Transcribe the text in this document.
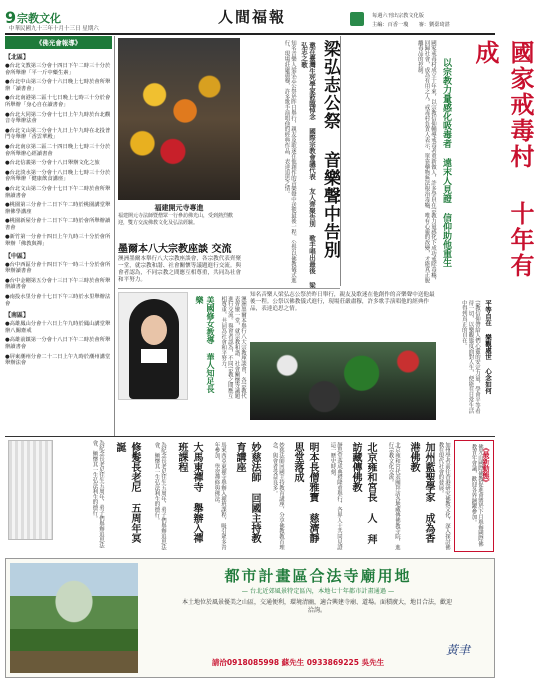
9 宗教文化
中華民國九十三年十月十三日 星期六
人間福報	每週六刊出宗教文化版
主編：百香一瓊　　審：劉臺琦湛
《佛光會報導》
【北區】
●台北文教第三分會十四日下午二時三十分於會所舉辦「平一斤中藥生素」
●台北中山第三分會十六日晚上七時於會所舉辦「讀書會」
●台北南港第二區十七日晚上七時三十分於會所舉辦「身心自在讀書會」
●台北大同第二分會十七日上午九時於台北觀音寺舉辦法會
●台北文山第二分會十九日上午九時在北投普門寺舉辦「香雲華殿」
●台北南京第二區二十四日晚上七時三十分於會所舉辦心經讀書會
●台北信義第一分會十八日舉辦文化之旅
●台北淡水第一分會十八日晚上七時三十分於會所舉辦「健康飲食講座」
●台北文山第二分會十七日下午二時於會所舉辦讀書會
●桃園第三分會十二日下午二時於桃園講堂舉辦佛學講座
●桃園新屋分會十二日下午二時於會所舉辦讀書會
●新竹第一分會十四日上午九時三十分於會所舉辦「佛教與禪」
【中區】
●台中西區分會十四日下午一時三十分於會所舉辦讀書會
●台中金剛第五分會十三日下午三時於會所舉辦讀書會
●南投水里分會十七日下午三時於水里舉辦法會
【南區】
●高雄鳳山分會十六日上午九時於鳳山講堂舉辦八關齋戒
●高雄前鎮第一分會十八日下午二時於會所舉辦讀書會
●屏東潮州分會二十二日上午九時於潮州講堂舉辦法會
福建開元寺專進
福建開元寺法師暨僧眾一行參訪佛光山，受到熱烈歡迎，雙方交流佛教文化及弘法經驗。	梁弘志公祭 音樂聲中告別
邀在臺灣生死學家蒞臨悼念 國際宗教會議代表 友人齊聚告別 歌手唱出最後 梁弘志之歌
知名音樂人梁弘志公祭於昨日舉行，親友及歌迷在他創作的音樂聲中送他最後一程。公祭以佛教儀式進行，現場莊嚴肅穆，許多歌手演唱他的經典作品，表達追思之情。	國家戒毒村 十年有成
以宗教力量感化吸毒者 遠末人見證 信仰助他重生
國家戒毒村成立十年來，以宗教信仰輔導戒毒者重新做人，許多學員在宗教力量感化下成功戒除毒癮，回歸社會，成為有用之人。戒毒村負責人表示，單靠藥物無法根治毒癮，唯有心靈的改變，才能真正脫離毒品的控制。
墨爾本八大宗教座談 交流
澳洲墨爾本舉行八大宗教座談會，各宗教代表齊聚一堂，就宗教和諧、社會關懷等議題進行交流。與會者認為，不同宗教之間應互相尊重，共同為社會和平努力。
美國修女教導 華人知足長樂	澳洲墨爾本舉行八大宗教座談會，各宗教代表齊聚一堂，就宗教和諧、社會關懷等議題進行交流。與會者認為，不同宗教之間應互相尊重，共同為社會和平努力。
知名音樂人梁弘志公祭於昨日舉行，親友及歌迷在他創作的音樂聲中送他最後一程。公祭以佛教儀式進行，現場莊嚴肅穆，許多歌手演唱他的經典作品，表達追思之情。	平等自在 樂觀處世 心念如何
宗教信仰帶給人們心靈的安定力量，學會平等看待一切，以樂觀態度面對人生，便能在日常生活中得到真正的自在。
為紀念長老尼往生五周年，弟子們舉辦追思法會，緬懷其一生弘法利生的德行。	修髮長老尼 五周年冥誕	為紀念長老尼往生五周年，弟子們舉辦追思法會，緬懷其一生弘法利生的德行。	大馬東禪寺 舉辦入禪班課程	馬來西亞東禪寺舉辦入禪班課程，吸引眾多青年參加，學習禪修與佛法。	妙慈法師 回國主持教育講座	妙慈法師回國主持教育講座，分享佛教教育理念，與會者受益良多。	明本長僧雅寶 慈濟靜思堂落成	靜思堂落成典禮隆重舉行，各界人士共同見證這一歷史時刻。	北京雍和宮長 人 拜訪藏傳佛教	北京雍和宮代表團拜訪各地藏傳佛教寺院，進行宗教文化交流。	加州藍聖學家 成為香港佛教	加州學者前往香港研究佛教文化，深入探討佛教在現代社會的發展。	《最新動態》
佛光山國際佛教促進會將於下月舉辦國際佛教青年會議，歡迎各界踴躍參加。
都市計畫區合法寺廟用地
— 台北近郊風景特定區內，本地七十年都市計畫通過 —
本土地位於風景優美之山區，交通便利，環境清幽，適合興建寺廟、道場。面積廣大，地目合法，歡迎洽詢。
請洽0918085998 蘇先生 0933869225 吳先生
黃聿
